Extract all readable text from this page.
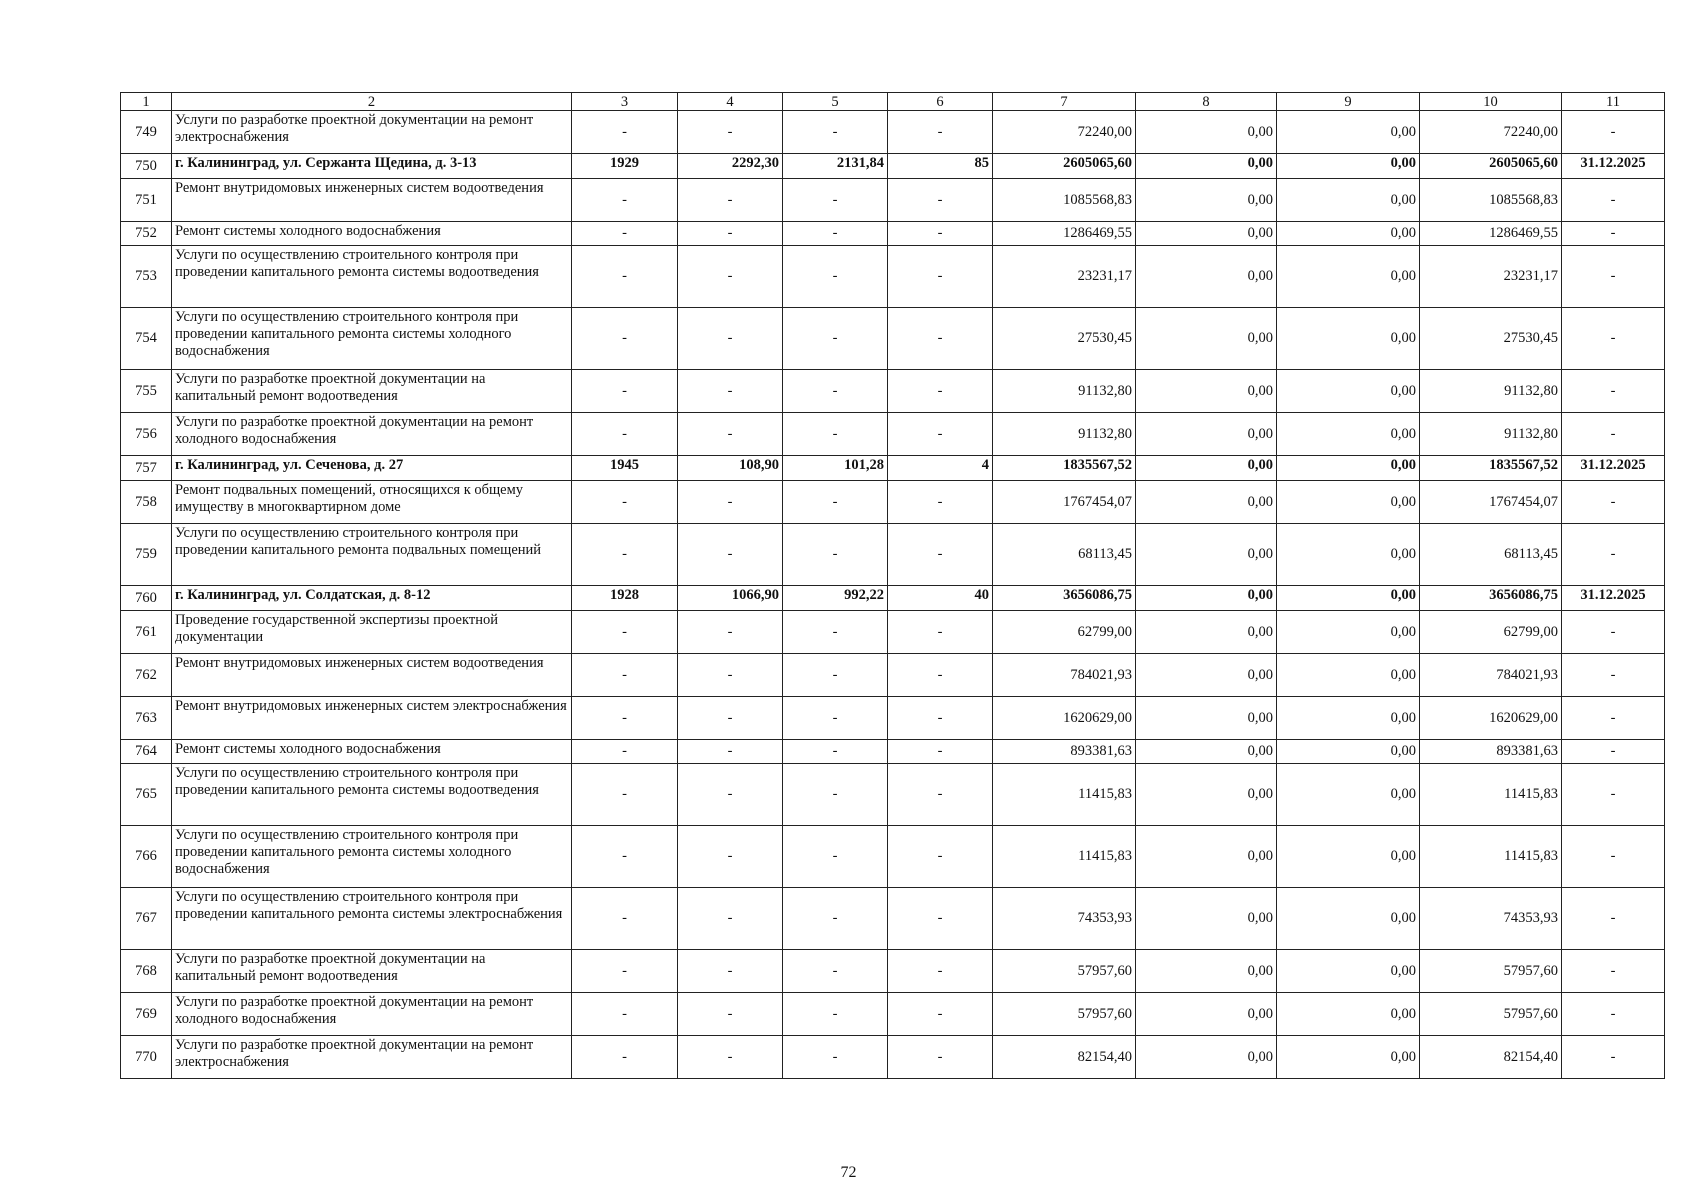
1	2	3	4	5	6	7	8	9	10	11
749	Услуги по разработке проектной документации на ремонт электроснабжения	-	-	-	-	72240,00	0,00	0,00	72240,00	-
750	г. Калининград, ул. Сержанта Щедина, д. 3-13	1929	2292,30	2131,84	85	2605065,60	0,00	0,00	2605065,60	31.12.2025
751	Ремонт внутридомовых инженерных систем водоотведения	-	-	-	-	1085568,83	0,00	0,00	1085568,83	-
752	Ремонт системы холодного водоснабжения	-	-	-	-	1286469,55	0,00	0,00	1286469,55	-
753	Услуги по осуществлению строительного контроля при проведении капитального ремонта системы водоотведения	-	-	-	-	23231,17	0,00	0,00	23231,17	-
754	Услуги по осуществлению строительного контроля при проведении капитального ремонта системы холодного водоснабжения	-	-	-	-	27530,45	0,00	0,00	27530,45	-
755	Услуги по разработке проектной документации на капитальный ремонт водоотведения	-	-	-	-	91132,80	0,00	0,00	91132,80	-
756	Услуги по разработке проектной документации на ремонт холодного водоснабжения	-	-	-	-	91132,80	0,00	0,00	91132,80	-
757	г. Калининград, ул. Сеченова, д. 27	1945	108,90	101,28	4	1835567,52	0,00	0,00	1835567,52	31.12.2025
758	Ремонт подвальных помещений, относящихся к общему имуществу в многоквартирном доме	-	-	-	-	1767454,07	0,00	0,00	1767454,07	-
759	Услуги по осуществлению строительного контроля при проведении капитального ремонта подвальных помещений	-	-	-	-	68113,45	0,00	0,00	68113,45	-
760	г. Калининград, ул. Солдатская, д. 8-12	1928	1066,90	992,22	40	3656086,75	0,00	0,00	3656086,75	31.12.2025
761	Проведение государственной экспертизы проектной документации	-	-	-	-	62799,00	0,00	0,00	62799,00	-
762	Ремонт внутридомовых инженерных систем водоотведения	-	-	-	-	784021,93	0,00	0,00	784021,93	-
763	Ремонт внутридомовых инженерных систем электроснабжения	-	-	-	-	1620629,00	0,00	0,00	1620629,00	-
764	Ремонт системы холодного водоснабжения	-	-	-	-	893381,63	0,00	0,00	893381,63	-
765	Услуги по осуществлению строительного контроля при проведении капитального ремонта системы водоотведения	-	-	-	-	11415,83	0,00	0,00	11415,83	-
766	Услуги по осуществлению строительного контроля при проведении капитального ремонта системы холодного водоснабжения	-	-	-	-	11415,83	0,00	0,00	11415,83	-
767	Услуги по осуществлению строительного контроля при проведении капитального ремонта системы электроснабжения	-	-	-	-	74353,93	0,00	0,00	74353,93	-
768	Услуги по разработке проектной документации на капитальный ремонт водоотведения	-	-	-	-	57957,60	0,00	0,00	57957,60	-
769	Услуги по разработке проектной документации на ремонт холодного водоснабжения	-	-	-	-	57957,60	0,00	0,00	57957,60	-
770	Услуги по разработке проектной документации на ремонт электроснабжения	-	-	-	-	82154,40	0,00	0,00	82154,40	-
72
